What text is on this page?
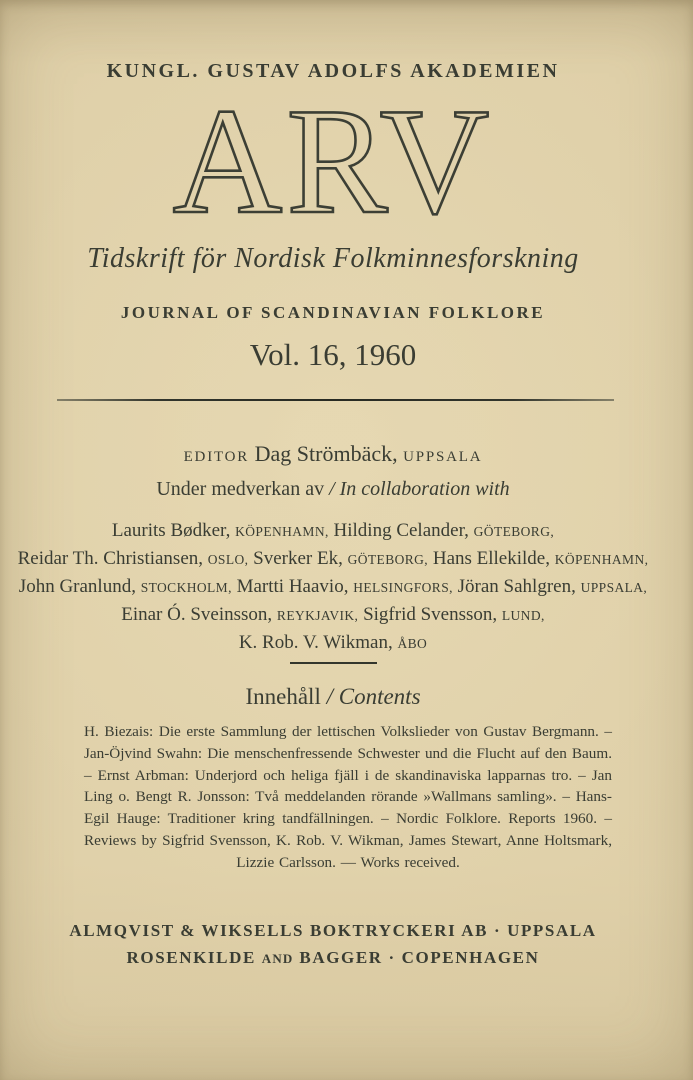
KUNGL. GUSTAV ADOLFS AKADEMIEN
ARV
Tidskrift för Nordisk Folkminnesforskning
JOURNAL OF SCANDINAVIAN FOLKLORE
Vol. 16, 1960
EDITOR Dag Strömbäck, UPPSALA
Under medverkan av / In collaboration with
Laurits Bødker, KÖPENHAMN, Hilding Celander, GÖTEBORG,
Reidar Th. Christiansen, OSLO, Sverker Ek, GÖTEBORG, Hans Ellekilde, KÖPENHAMN,
John Granlund, STOCKHOLM, Martti Haavio, HELSINGFORS, Jöran Sahlgren, UPPSALA,
Einar Ó. Sveinsson, REYKJAVIK, Sigfrid Svensson, LUND,
K. Rob. V. Wikman, ÅBO
Innehåll / Contents
H. Biezais: Die erste Sammlung der lettischen Volkslieder von Gustav Bergmann. – Jan-Öjvind Swahn: Die menschenfressende Schwester und die Flucht auf den Baum. – Ernst Arbman: Underjord och heliga fjäll i de skandinaviska lapparnas tro. – Jan Ling o. Bengt R. Jonsson: Två meddelanden rörande »Wallmans samling». – Hans-Egil Hauge: Traditioner kring tandfällningen. – Nordic Folklore. Reports 1960. – Reviews by Sigfrid Svensson, K. Rob. V. Wikman, James Stewart, Anne Holtsmark, Lizzie Carlsson. — Works received.
ALMQVIST & WIKSELLS BOKTRYCKERI AB · UPPSALA
ROSENKILDE AND BAGGER · COPENHAGEN
